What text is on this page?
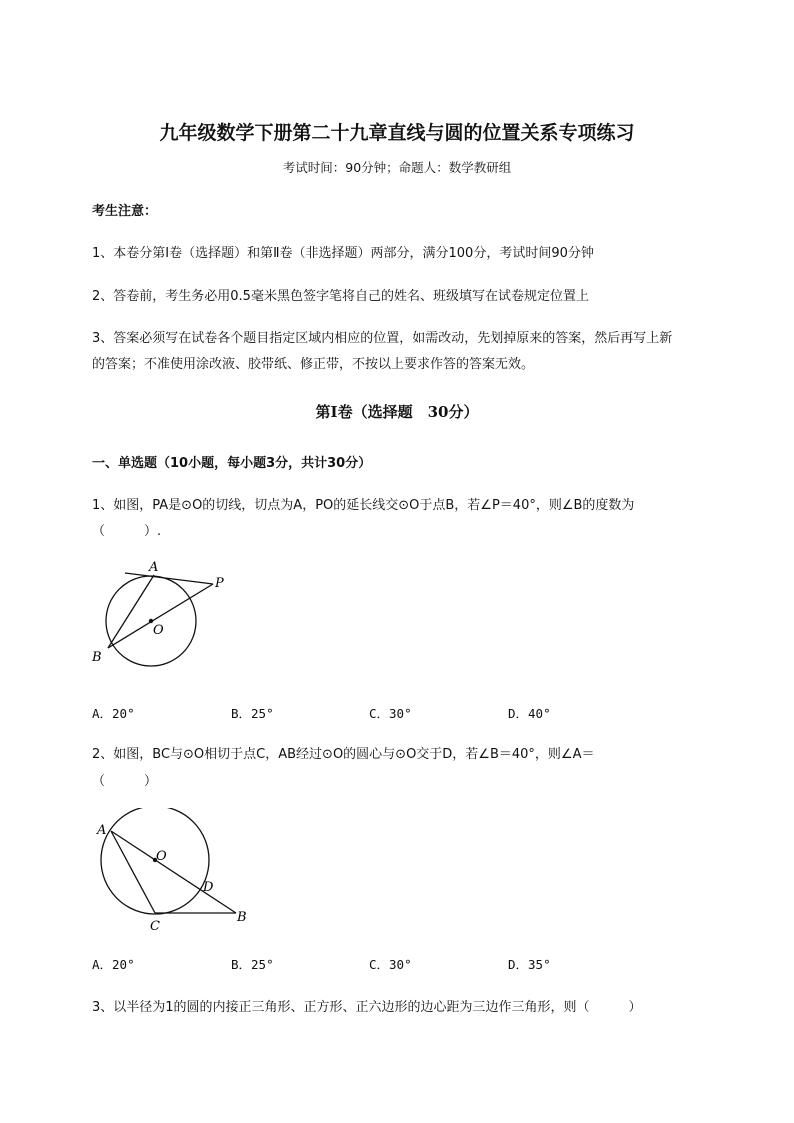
九年级数学下册第二十九章直线与圆的位置关系专项练习
考试时间：90分钟；命题人：数学教研组
考生注意：
1、本卷分第I卷（选择题）和第Ⅱ卷（非选择题）两部分，满分100分，考试时间90分钟
2、答卷前，考生务必用0.5毫米黑色签字笔将自己的姓名、班级填写在试卷规定位置上
3、答案必须写在试卷各个题目指定区域内相应的位置，如需改动，先划掉原来的答案，然后再写上新
的答案；不准使用涂改液、胶带纸、修正带，不按以上要求作答的答案无效。
第I卷（选择题　30分）
一、单选题（10小题，每小题3分，共计30分）
1、如图，PA是⊙O的切线，切点为A，PO的延长线交⊙O于点B，若∠P＝40°，则∠B的度数为
（　　　）.
A
P
O
B
A．20°	B．25°	C．30°	D．40°
2、如图，BC与⊙O相切于点C，AB经过⊙O的圆心与⊙O交于D，若∠B＝40°，则∠A＝
（　　　）
A
O
D
B
C
A．20°	B．25°	C．30°	D．35°
3、以半径为1的圆的内接正三角形、正方形、正六边形的边心距为三边作三角形，则（　　　）
